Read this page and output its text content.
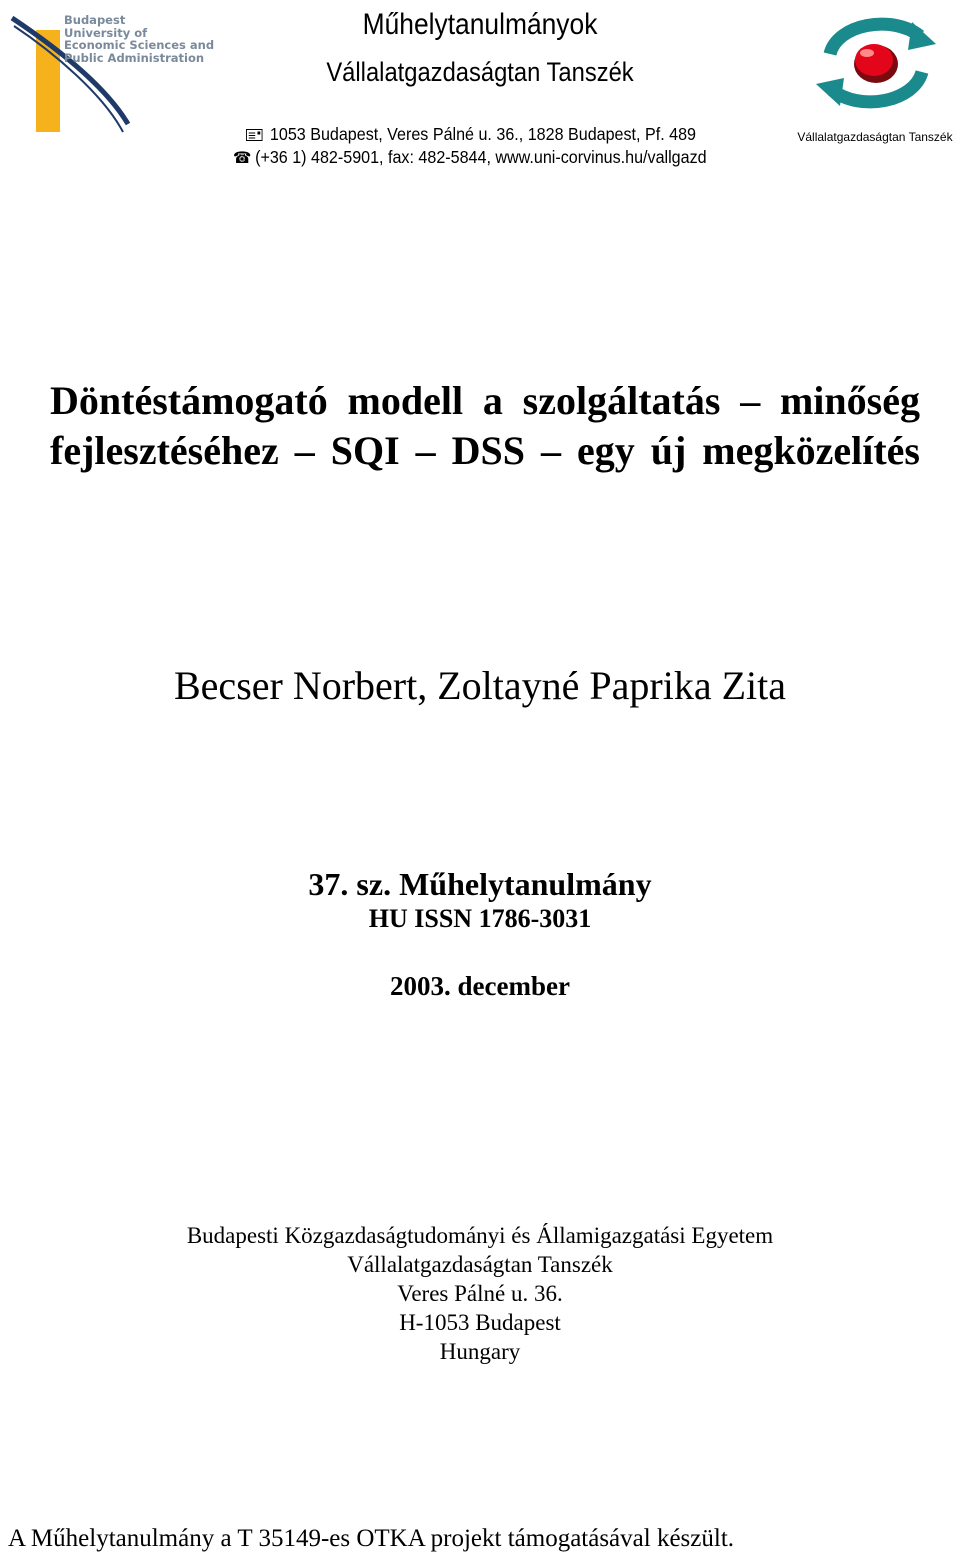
Budapest
University of
Economic Sciences and
Public Administration
Műhelytanulmányok
Vállalatgazdaságtan Tanszék
1053 Budapest, Veres Pálné u. 36., 1828 Budapest, Pf. 489
☎ (+36 1) 482-5901, fax: 482-5844, www.uni-corvinus.hu/vallgazd
Vállalatgazdaságtan Tanszék
Döntéstámogató modell a szolgáltatás – minőség
fejlesztéséhez – SQI – DSS – egy új megközelítés
Becser Norbert, Zoltayné Paprika Zita
37. sz. Műhelytanulmány
HU ISSN 1786-3031
2003. december
Budapesti Közgazdaságtudományi és Államigazgatási Egyetem
Vállalatgazdaságtan Tanszék
Veres Pálné u. 36.
H-1053 Budapest
Hungary
A Műhelytanulmány a T 35149-es OTKA projekt támogatásával készült.
